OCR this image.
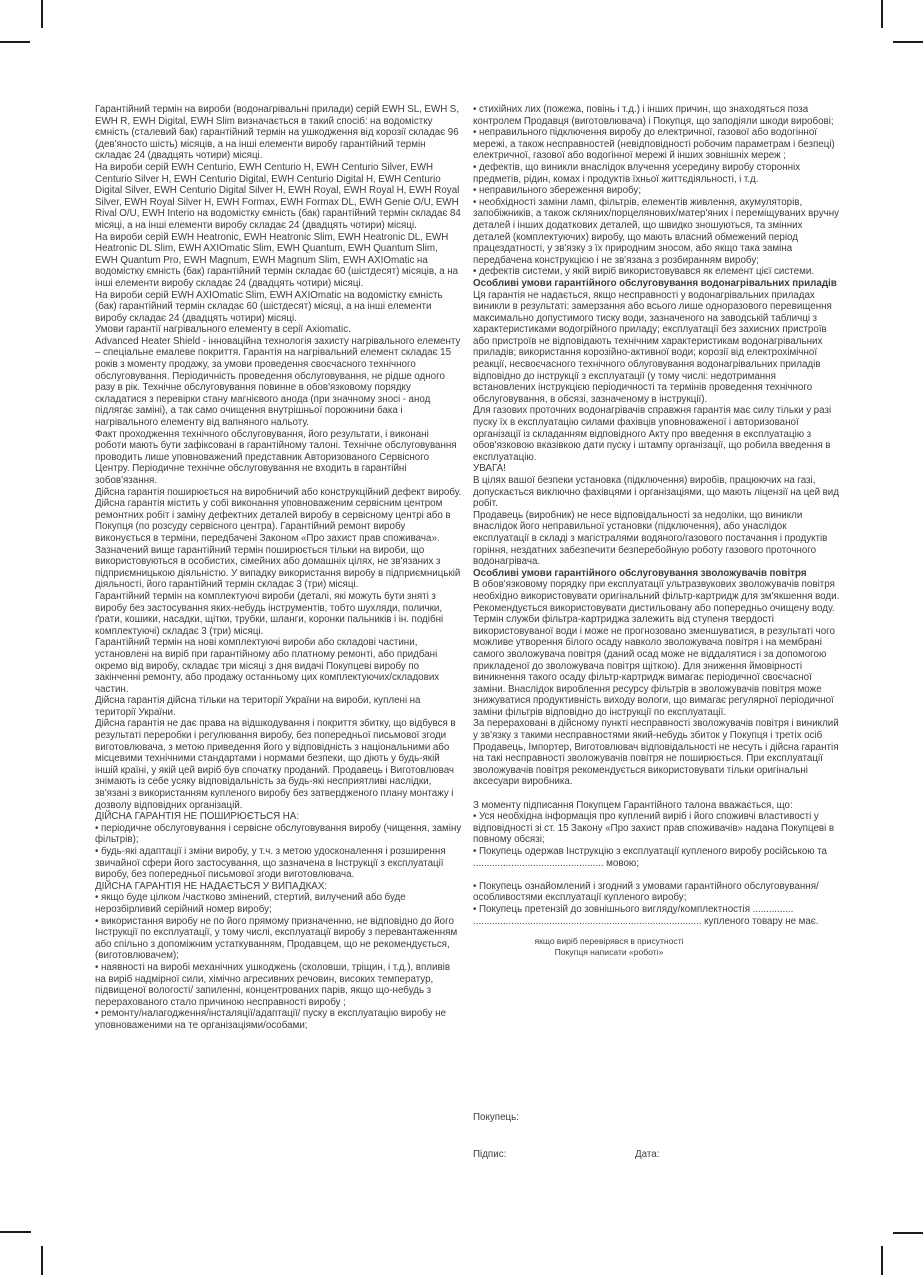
Гарантійний термін на вироби (водонагрівальні прилади) серій EWH SL, EWH S, EWH R, EWH Digital, EWH Slim визначається в такий спосіб: на водомістку ємність (сталевий бак) гарантійний термін на ушкодження від корозії складає 96 (дев'яносто шість) місяців, а на інші елементи виробу гарантійний термін складає 24 (двадцять чотири) місяці.

На вироби серій EWH Centurio, EWH Centurio H, EWH Centurio Silver, EWH Centurio Silver H, EWH Centurio Digital, EWH Centurio Digital H, EWH Centurio Digital Silver, EWH Centurio Digital Silver H, EWH Royal, EWH Royal H, EWH Royal Silver, EWH Royal Silver H, EWH Formax, EWH Formax DL, EWH Genie O/U, EWH Rival O/U, EWH Interio на водомістку ємність (бак) гарантійний термін складає 84 місяці, а на інші елементи виробу складає 24 (двадцять чотири) місяці.

На вироби серій EWH Heatronic, EWH Heatronic Slim, EWH Heatronic DL, EWH Heatronic DL Slim, EWH AXIOmatic Slim, EWH Quantum, EWH Quantum Slim, EWH Quantum Pro, EWH Magnum, EWH Magnum Slim, EWH AXIOmatic на водомістку ємність (бак) гарантійний термін складає 60 (шістдесят) місяців, а на інші елементи виробу складає 24 (двадцять чотири) місяці.

На вироби серій EWH AXIOmatic Slim, EWH AXIOmatic на водомістку ємність (бак) гарантійний термін складає 60 (шістдесят) місяці, а на інші елементи виробу складає 24 (двадцять чотири) місяці.

Умови гарантії нагрівального елементу в серії Axiomatic.

Advanced Heater Shield - інноваційна технологія захисту нагрівального елементу – спеціальне емалеве покриття. Гарантія на нагрівальний елемент складає 15 років з моменту продажу, за умови проведення своєчасного технічного обслуговування. Періодичність проведення обслуговування, не рідше одного разу в рік. Технічне обслуговування повинне в обов'язковому порядку складатися з перевірки стану магнієвого анода (при значному зносі - анод підлягає заміні), а так само очищення внутрішньої порожнини бака і нагрівального елементу від вапняного нальоту.

Факт проходження технічного обслуговування, його результати, і виконані роботи мають бути зафіксовані в гарантійному талоні. Технічне обслуговування проводить лише уповноважений представник Авторизованого Сервісного Центру. Періодичне технічне обслуговування не входить в гарантійні зобов'язання.

Дійсна гарантія поширюється на виробничий або конструкційний дефект виробу. Дійсна гарантія містить у собі виконання уповноваженим сервісним центром ремонтних робіт і заміну дефектних деталей виробу в сервісному центрі або в Покупця (по розсуду сервісного центра). Гарантійний ремонт виробу виконується в терміни, передбачені Законом «Про захист прав споживача».

Зазначений вище гарантійний термін поширюється тільки на вироби, що використовуються в особистих, сімейних або домашніх цілях, не зв'язаних з підприємницькою діяльністю. У випадку використання виробу в підприємницькій діяльності, його гарантійний термін складає 3 (три) місяці.

Гарантійний термін на комплектуючі вироби (деталі, які можуть бути зняті з виробу без застосування яких-небудь інструментів, тобто шухляди, полички, ґрати, кошики, насадки, щітки, трубки, шланги, коронки пальників і ін. подібні комплектуючі) складає 3 (три) місяці.

Гарантійний термін на нові комплектуючі вироби або складові частини, установлені на виріб при гарантійному або платному ремонті, або придбані окремо від виробу, складає три місяці з дня видачі Покупцеві виробу по закінченні ремонту, або продажу останньому цих комплектуючих/складових частин.

Дійсна гарантія дійсна тільки на території України на вироби, куплені на території України.

Дійсна гарантія не дає права на відшкодування і покриття збитку, що відбувся в результаті переробки і регулювання виробу, без попередньої письмової згоди виготовлювача, з метою приведення його у відповідність з національними або місцевими технічними стандартами і нормами безпеки, що діють у будь-якій іншій країні, у якій цей виріб був спочатку проданий. Продавець і Виготовлювач знімають із себе усяку відповідальність за будь-які несприятливі наслідки, зв'язані з використанням купленого виробу без затвердженого плану монтажу і дозволу відповідних організацій.

ДІЙСНА ГАРАНТІЯ НЕ ПОШИРЮЄТЬСЯ НА:

• періодичне обслуговування і сервісне обслуговування виробу (чищення, заміну фільтрів);

• будь-які адаптації і зміни виробу, у т.ч. з метою удосконалення і розширення звичайної сфери його застосування, що зазначена в Інструкції з експлуатації виробу, без попередньої письмової згоди виготовлювача.

ДІЙСНА ГАРАНТІЯ НЕ НАДАЄТЬСЯ У ВИПАДКАХ:

• якщо буде цілком /частково змінений, стертий, вилучений або буде нерозбірливий серійний номер виробу;

• використання виробу не по його прямому призначенню, не відповідно до його Інструкції по експлуатації, у тому числі, експлуатації виробу з перевантаженням або спільно з допоміжним устаткуванням, Продавцем, що не рекомендується, (виготовлювачем);

• наявності на виробі механічних ушкоджень (сколовши, тріщин, і т.д.), впливів на виріб надмірної сили, хімічно агресивних речовин, високих температур, підвищеної вологості/ запиленні, концентрованих парів, якщо що-небудь з перерахованого стало причиною несправності виробу ;

• ремонту/налагодження/інсталяції/адаптації/ пуску в експлуатацію виробу не уповноваженими на те організаціями/особами;

• стихійних лих (пожежа, повінь і т.д.) і інших причин, що знаходяться поза контролем Продавця (виготовлювача) і Покупця, що заподіяли шкоди виробові;

• неправильного підключення виробу до електричної, газової або водогінної мережі, а також несправностей (невідповідності робочим параметрам і безпеці) електричної, газової або водогінної мережі й інших зовнішніх мереж ;

• дефектів, що виникли внаслідок влучення усередину виробу сторонніх предметів, рідин, комах і продуктів їхньої життєдіяльності, і т.д.

• неправильного збереження виробу;

• необхідності заміни ламп, фільтрів, елементів живлення, акумуляторів, запобіжників, а також скляних/порцелянових/матер'яних і переміщуваних вручну деталей і інших додаткових деталей, що швидко зношуються, та змінних деталей (комплектуючих) виробу, що мають власний обмежений період працездатності, у зв'язку з їх природним зносом, або якщо така заміна передбачена конструкцією і не зв'язана з розбиранням виробу;

• дефектів системи, у якій виріб використовувався як елемент цієї системи.

Особливі умови гарантійного обслуговування водонагрівальних приладів

Ця гарантія не надається, якщо несправності у водонагрівальних приладах виникли в результаті: замерзання або всього лише одноразового перевищення максимально допустимого тиску води, зазначеного на заводській табличці з характеристиками водогрійного приладу; експлуатації без захисних пристроїв або пристроїв не відповідають технічним характеристикам водонагрівальних приладів; використання корозійно-активної води; корозії від електрохімічної реакції, несвоєчасного технічного облуговування водонагрівальних приладів відповідно до інструкції з експлуатації (у тому числі: недотримання встановлених інструкцією періодичності та термінів проведення технічного обслуговування, в обсязі, зазначеному в інструкції).

Для газових проточних водонагрівачів справжня гарантія має силу тільки у разі пуску їх в експлуатацію силами фахівців уповноваженої і авторизованої організації із складанням відповідного Акту про введення в експлуатацію з обов'язковою вказівкою дати пуску і штампу організації, що робила введення в експлуатацію.

УВАГА!

В цілях вашої безпеки установка (підключення) виробів, працюючих на газі, допускається виключно фахівцями і організаціями, що мають ліцензії на цей вид робіт.

Продавець (виробник) не несе відповідальності за недоліки, що виникли внаслідок його неправильної установки (підключення), або унаслідок експлуатації в складі з магістралями водяного/газового постачання і продуктів горіння, нездатних забезпечити безперебойную роботу газового проточного водонагрівача.

Особливі умови гарантійного обслуговування зволожувачів повітря

В обов'язковому порядку при експлуатації ультразвукових зволожувачів повітря необхідно використовувати оригінальний фільтр-картридж для зм'якшення води. Рекомендується використовувати дистильовану або попередньо очищену воду. Термін служби фільтра-картриджа залежить від ступеня твердості використовуваної води і може не прогнозовано зменшуватися, в результаті чого можливе утворення білого осаду навколо зволожувача повітря і на мембрані самого зволожувача повітря (даний осад може не віддалятися і за допомогою прикладеної до зволожувача повітря щіткою). Для зниження ймовірності виникнення такого осаду фільтр-картридж вимагає періодичної своєчасної заміни. Внаслідок вироблення ресурсу фільтрів в зволожувачів повітря може знижуватися продуктивність виходу вологи, що вимагає регулярної періодичної заміни фільтрів відповідно до інструкції по експлуатації.

За перераховані в дійсному пункті несправності зволожувачів повітря і виниклий у зв'язку з такими несправностями який-небудь збиток у Покупця і третіх осіб Продавець, Імпортер, Виготовлювач відповідальності не несуть і дійсна гарантія на такі несправності зволожувачів повітря не поширюється. При експлуатації зволожувачів повітря рекомендується використовувати тільки оригінальні аксесуари виробника.

З моменту підписання Покупцем Гарантійного талона вважається, що:

• Уся необхідна інформація про куплений виріб і його споживчі властивості у відповідності зі ст. 15 Закону «Про захист прав споживачів» надана Покупцеві в повному обсязі;

• Покупець одержав Інструкцію з експлуатації купленого виробу російською та ................................................ мовою;

• Покупець ознайомлений і згодний з умовами гарантійного обслуговування/особливостями експлуатації купленого виробу;

• Покупець претензій до зовнішнього вигляду/комплектностія ............... .................................................................................... купленого товару не має.

якщо виріб перевірявся в присутності

Покупця написати «роботі»

Покупець:
Підпис:	Дата:
